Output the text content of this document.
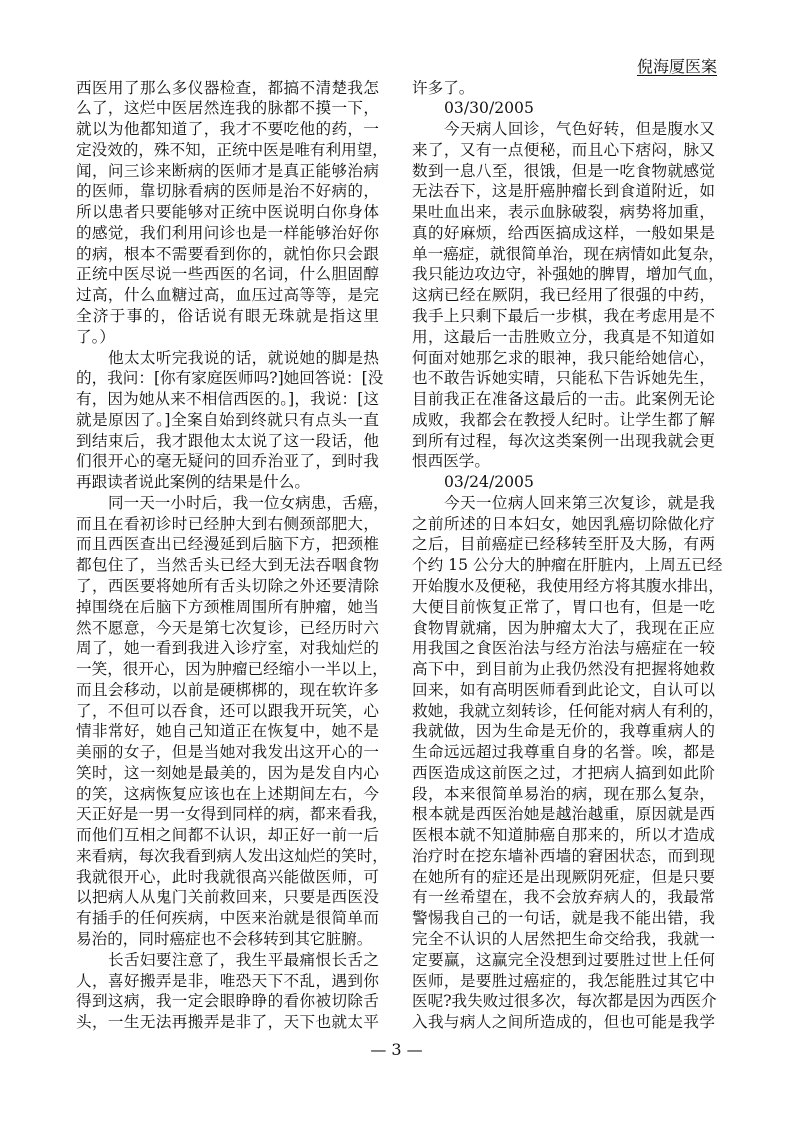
倪海厦医案
西医用了那么多仪器检查，都搞不清楚我怎
么了，这烂中医居然连我的脉都不摸一下，
就以为他都知道了，我才不要吃他的药，一
定没效的，殊不知，正统中医是唯有利用望，
闻，问三诊来断病的医师才是真正能够治病
的医师，靠切脉看病的医师是治不好病的，
所以患者只要能够对正统中医说明白你身体
的感觉，我们利用问诊也是一样能够治好你
的病，根本不需要看到你的，就怕你只会跟
正统中医尽说一些西医的名词，什么胆固醇
过高，什么血糖过高，血压过高等等，是完
全济于事的，俗话说有眼无珠就是指这里
了。）
他太太听完我说的话，就说她的脚是热
的，我问：[你有家庭医师吗?]她回答说：[没
有，因为她从来不相信西医的。]，我说：[这
就是原因了。]全案自始到终就只有点头一直
到结束后，我才跟他太太说了这一段话，他
们很开心的毫无疑问的回乔治亚了，到时我
再跟读者说此案例的结果是什么。
同一天一小时后，我一位女病患，舌癌，
而且在看初诊时已经肿大到右侧颈部肥大，
而且西医查出已经漫延到后脑下方，把颈椎
都包住了，当然舌头已经大到无法吞咽食物
了，西医要将她所有舌头切除之外还要清除
掉围绕在后脑下方颈椎周围所有肿瘤，她当
然不愿意，今天是第七次复诊，已经历时六
周了，她一看到我进入诊疗室，对我灿烂的
一笑，很开心，因为肿瘤已经缩小一半以上，
而且会移动，以前是硬梆梆的，现在软许多
了，不但可以吞食，还可以跟我开玩笑，心
情非常好，她自己知道正在恢复中，她不是
美丽的女子，但是当她对我发出这开心的一
笑时，这一刻她是最美的，因为是发自内心
的笑，这病恢复应该也在上述期间左右，今
天正好是一男一女得到同样的病，都来看我，
而他们互相之间都不认识，却正好一前一后
来看病，每次我看到病人发出这灿烂的笑时，
我就很开心，此时我就很高兴能做医师，可
以把病人从鬼门关前救回来，只要是西医没
有插手的任何疾病，中医来治就是很简单而
易治的，同时癌症也不会移转到其它脏腑。
长舌妇要注意了，我生平最痛恨长舌之
人，喜好搬弄是非，唯恐天下不乱，遇到你
得到这病，我一定会眼睁睁的看你被切除舌
头，一生无法再搬弄是非了，天下也就太平
许多了。
03/30/2005
今天病人回诊，气色好转，但是腹水又
来了，又有一点便秘，而且心下痞闷，脉又
数到一息八至，很饿，但是一吃食物就感觉
无法吞下，这是肝癌肿瘤长到食道附近，如
果吐血出来，表示血脉破裂，病势将加重，
真的好麻烦，给西医搞成这样，一般如果是
单一癌症，就很简单治，现在病情如此复杂，
我只能边攻边守，补强她的脾胃，增加气血，
这病已经在厥阴，我已经用了很强的中药，
我手上只剩下最后一步棋，我在考虑用是不
用，这最后一击胜败立分，我真是不知道如
何面对她那乞求的眼神，我只能给她信心，
也不敢告诉她实晴，只能私下告诉她先生，
目前我正在准备这最后的一击。此案例无论
成败，我都会在教授人纪时。让学生都了解
到所有过程，每次这类案例一出现我就会更
恨西医学。
03/24/2005
今天一位病人回来第三次复诊，就是我
之前所述的日本妇女，她因乳癌切除做化疗
之后，目前癌症已经移转至肝及大肠，有两
个约 15 公分大的肿瘤在肝脏内，上周五已经
开始腹水及便秘，我使用经方将其腹水排出，
大便目前恢复正常了，胃口也有，但是一吃
食物胃就痛，因为肿瘤太大了，我现在正应
用我国之食医治法与经方治法与癌症在一较
高下中，到目前为止我仍然没有把握将她救
回来，如有高明医师看到此论文，自认可以
救她，我就立刻转诊，任何能对病人有利的，
我就做，因为生命是无价的，我尊重病人的
生命远远超过我尊重自身的名誉。唉，都是
西医造成这前医之过，才把病人搞到如此阶
段，本来很简单易治的病，现在那么复杂，
根本就是西医治她是越治越重，原因就是西
医根本就不知道肺癌自那来的，所以才造成
治疗时在挖东墙补西墙的窘困状态，而到现
在她所有的症还是出现厥阴死症，但是只要
有一丝希望在，我不会放弃病人的，我最常
警惕我自己的一句话，就是我不能出错，我
完全不认识的人居然把生命交给我，我就一
定要赢，这赢完全没想到过要胜过世上任何
医师，是要胜过癌症的，我怎能胜过其它中
医呢?我失败过很多次，每次都是因为西医介
入我与病人之间所造成的，但也可能是我学
— 3 —
